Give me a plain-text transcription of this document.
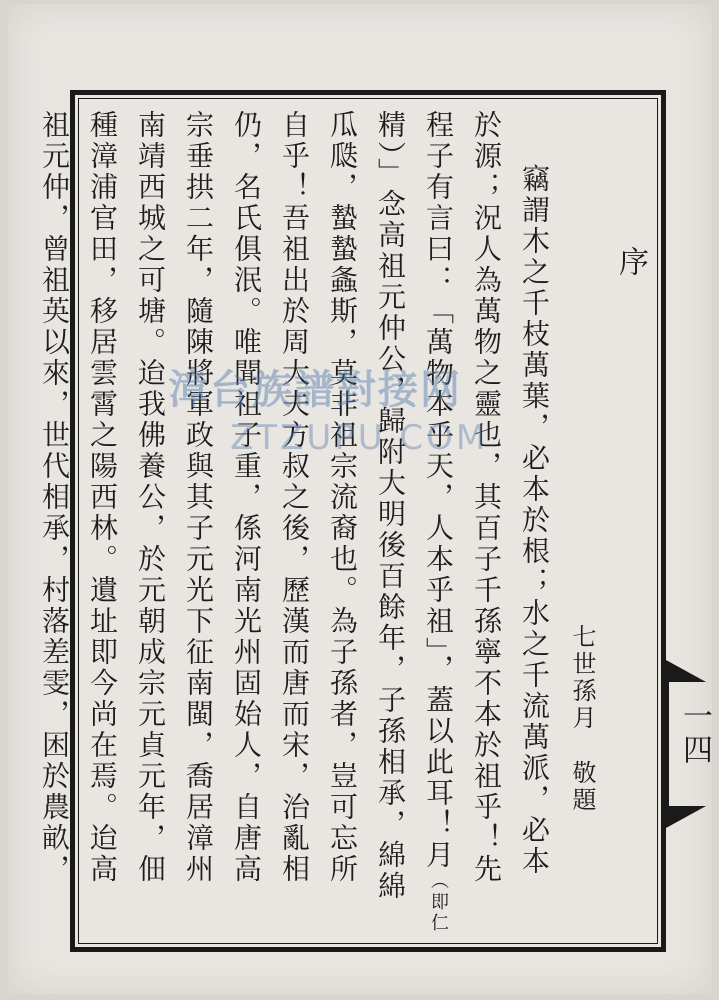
序
七世孫月敬題
竊謂木之千枝萬葉，必本於根；水之千流萬派，必本
於源；況人為萬物之靈也，其百子千孫寧不本於祖乎！先
程子有言曰：「萬物本乎天，人本乎祖」，蓋以此耳！月（即仁
精）」念高祖元仲公，歸附大明後百餘年，子孫相承，綿綿
瓜瓞，蟄蟄螽斯，莫非祖宗流裔也。為子孫者，豈可忘所
自乎！吾祖出於周大夫方叔之後，歷漢而唐而宋，治亂相
仍，名氏俱泯。唯聞祖子重，係河南光州固始人，自唐高
宗垂拱二年，隨陳將軍政與其子元光下征南閩，喬居漳州
南靖西城之可塘。迨我佛養公，於元朝成宗元貞元年，佃
種漳浦官田，移居雲霄之陽西林。遺址即今尚在焉。迨高
祖元仲，曾祖英以來，世代相承，村落差雯，困於農畝， 漳台族譜對接网
ZTZUPU.COM
一四
